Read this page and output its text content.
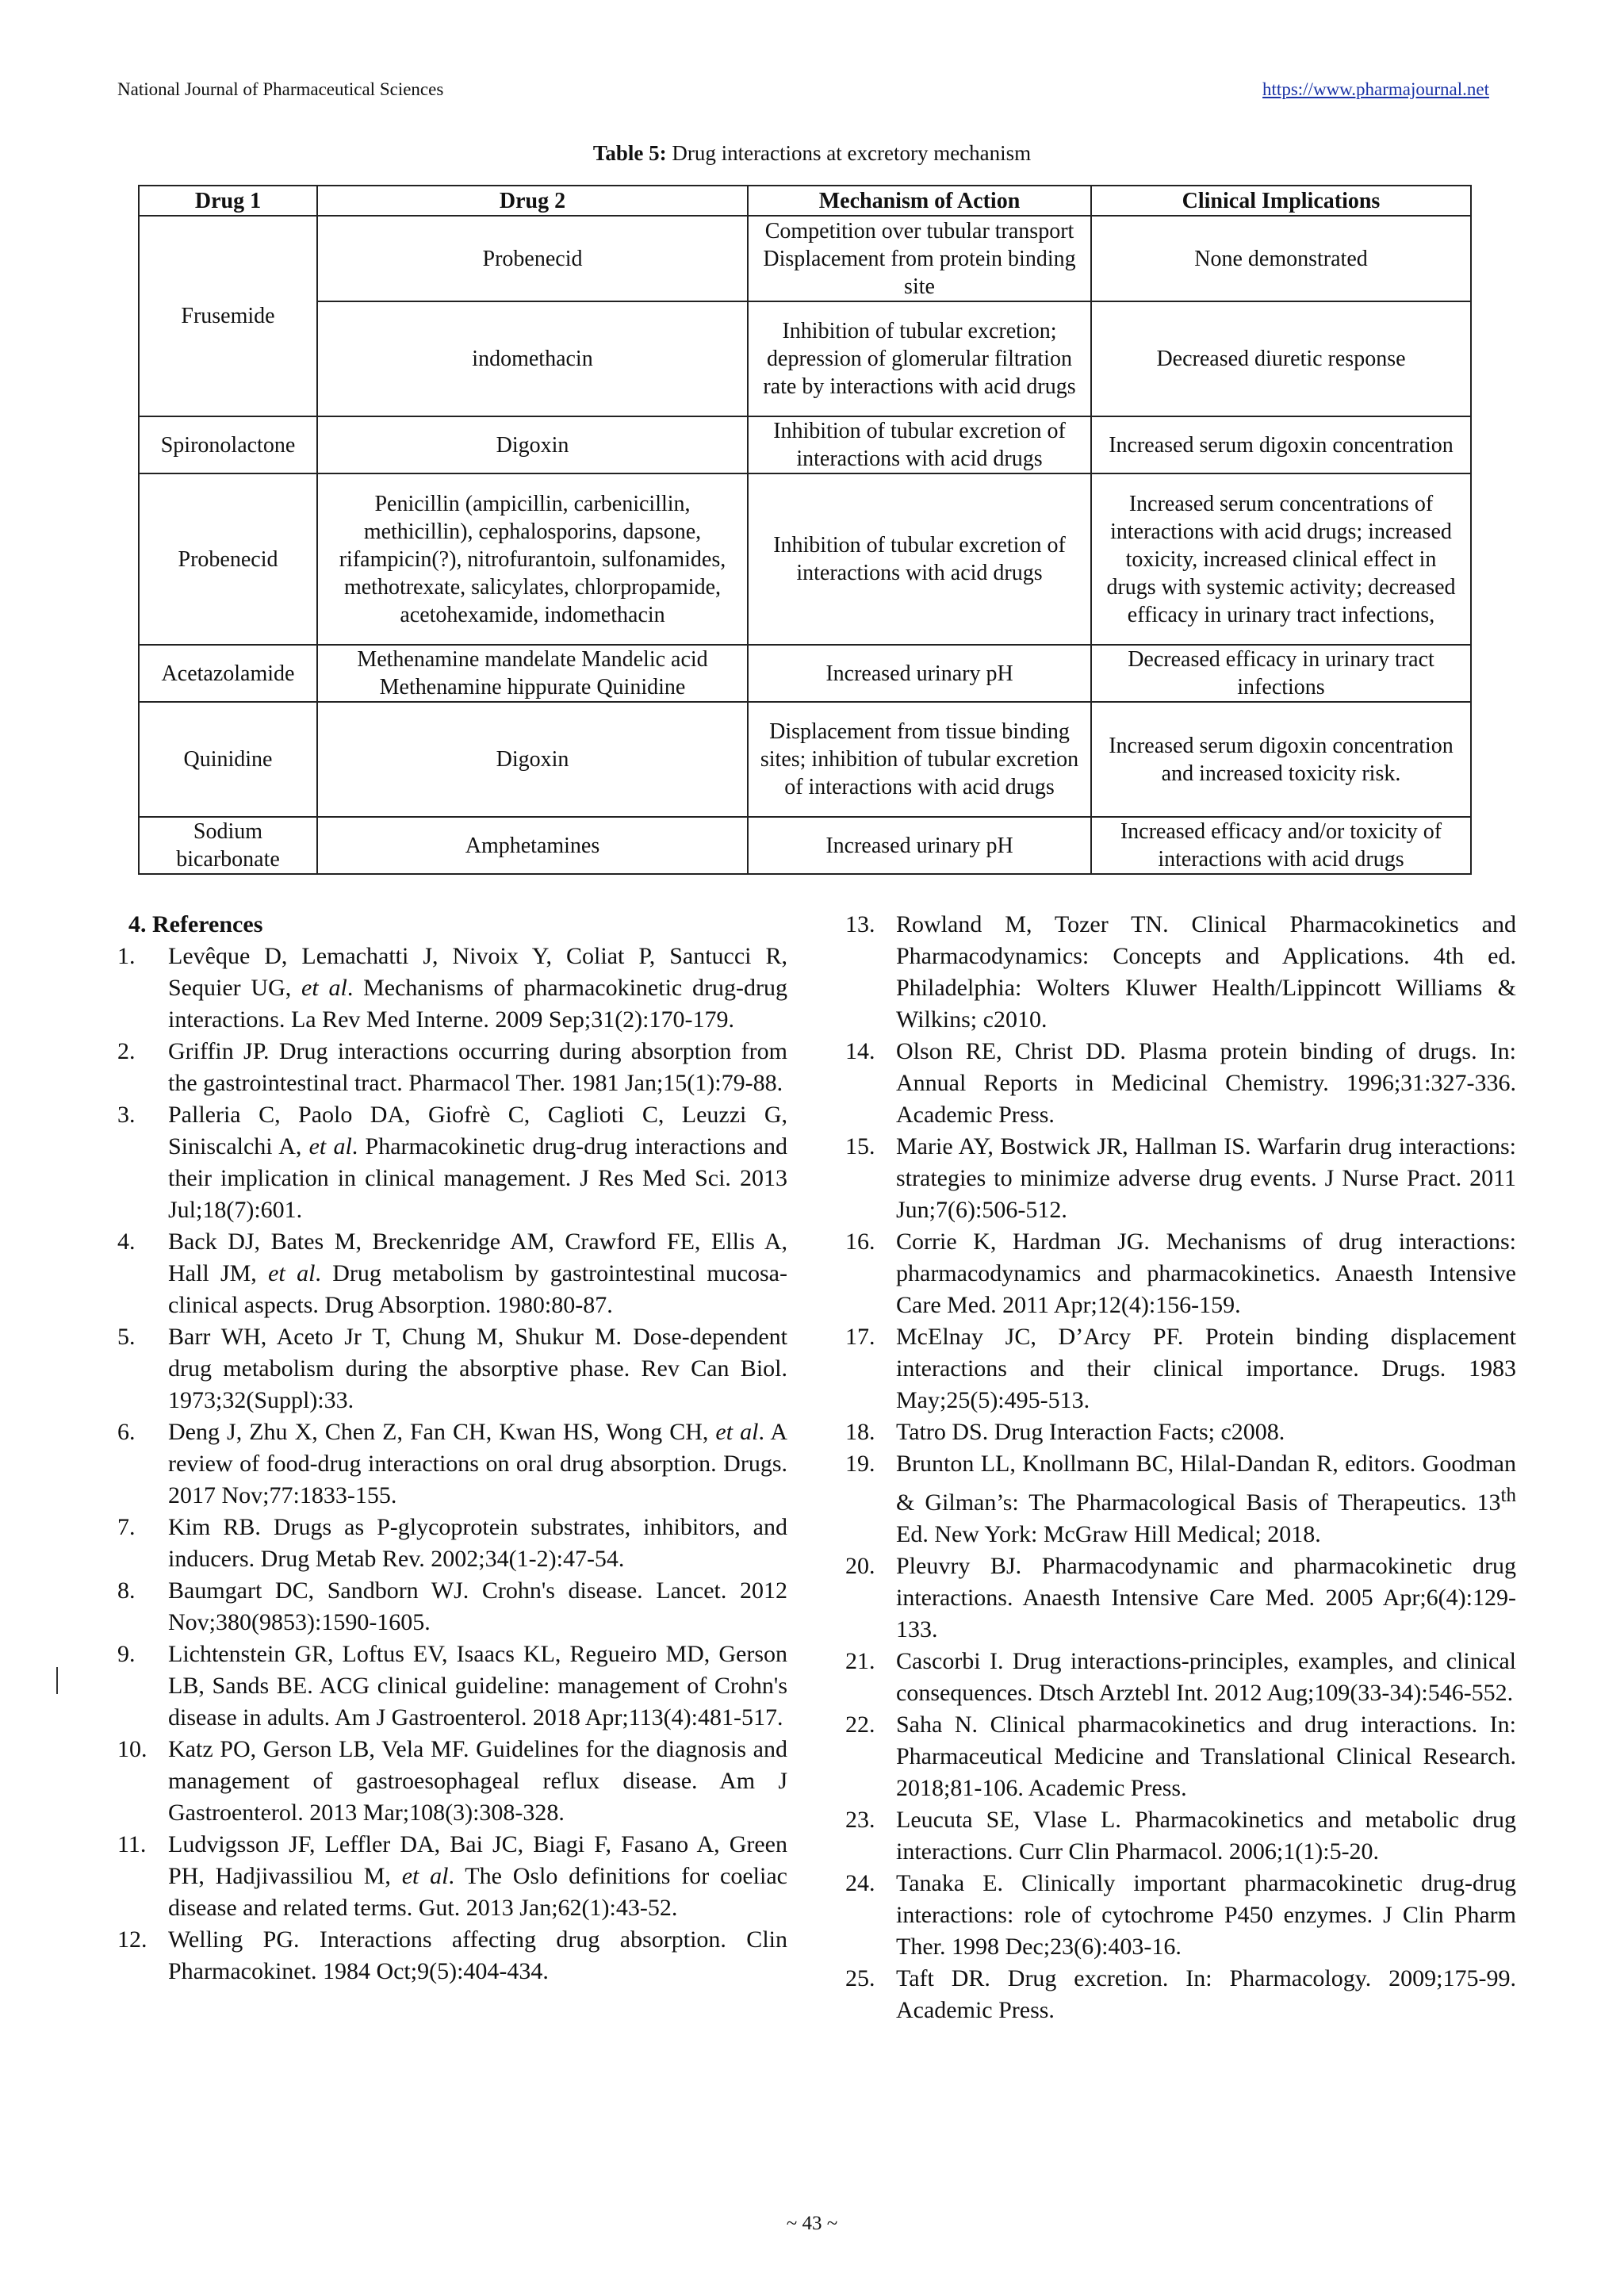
National Journal of Pharmaceutical Sciences	https://www.pharmajournal.net
Table 5: Drug interactions at excretory mechanism
Drug 1	Drug 2	Mechanism of Action	Clinical Implications
Frusemide	Probenecid	Competition over tubular transport Displacement from protein binding site	None demonstrated
	indomethacin	Inhibition of tubular excretion; depression of glomerular filtration rate by interactions with acid drugs	Decreased diuretic response
Spironolactone	Digoxin	Inhibition of tubular excretion of interactions with acid drugs	Increased serum digoxin concentration
Probenecid	Penicillin (ampicillin, carbenicillin, methicillin), cephalosporins, dapsone, rifampicin(?), nitrofurantoin, sulfonamides, methotrexate, salicylates, chlorpropamide, acetohexamide, indomethacin	Inhibition of tubular excretion of interactions with acid drugs	Increased serum concentrations of interactions with acid drugs; increased toxicity, increased clinical effect in drugs with systemic activity; decreased efficacy in urinary tract infections,
Acetazolamide	Methenamine mandelate Mandelic acid Methenamine hippurate Quinidine	Increased urinary pH	Decreased efficacy in urinary tract infections
Quinidine	Digoxin	Displacement from tissue binding sites; inhibition of tubular excretion of interactions with acid drugs	Increased serum digoxin concentration and increased toxicity risk.
Sodium bicarbonate	Amphetamines	Increased urinary pH	Increased efficacy and/or toxicity of interactions with acid drugs
4. References
1. Levêque D, Lemachatti J, Nivoix Y, Coliat P, Santucci R, Sequier UG, et al. Mechanisms of pharmacokinetic drug-drug interactions. La Rev Med Interne. 2009 Sep;31(2):170-179.
2. Griffin JP. Drug interactions occurring during absorption from the gastrointestinal tract. Pharmacol Ther. 1981 Jan;15(1):79-88.
3. Palleria C, Paolo DA, Giofrè C, Caglioti C, Leuzzi G, Siniscalchi A, et al. Pharmacokinetic drug-drug interactions and their implication in clinical management. J Res Med Sci. 2013 Jul;18(7):601.
4. Back DJ, Bates M, Breckenridge AM, Crawford FE, Ellis A, Hall JM, et al. Drug metabolism by gastrointestinal mucosa-clinical aspects. Drug Absorption. 1980:80-87.
5. Barr WH, Aceto Jr T, Chung M, Shukur M. Dose-dependent drug metabolism during the absorptive phase. Rev Can Biol. 1973;32(Suppl):33.
6. Deng J, Zhu X, Chen Z, Fan CH, Kwan HS, Wong CH, et al. A review of food-drug interactions on oral drug absorption. Drugs. 2017 Nov;77:1833-155.
7. Kim RB. Drugs as P-glycoprotein substrates, inhibitors, and inducers. Drug Metab Rev. 2002;34(1-2):47-54.
8. Baumgart DC, Sandborn WJ. Crohn's disease. Lancet. 2012 Nov;380(9853):1590-1605.
9. Lichtenstein GR, Loftus EV, Isaacs KL, Regueiro MD, Gerson LB, Sands BE. ACG clinical guideline: management of Crohn's disease in adults. Am J Gastroenterol. 2018 Apr;113(4):481-517.
10. Katz PO, Gerson LB, Vela MF. Guidelines for the diagnosis and management of gastroesophageal reflux disease. Am J Gastroenterol. 2013 Mar;108(3):308-328.
11. Ludvigsson JF, Leffler DA, Bai JC, Biagi F, Fasano A, Green PH, Hadjivassiliou M, et al. The Oslo definitions for coeliac disease and related terms. Gut. 2013 Jan;62(1):43-52.
12. Welling PG. Interactions affecting drug absorption. Clin Pharmacokinet. 1984 Oct;9(5):404-434.
13. Rowland M, Tozer TN. Clinical Pharmacokinetics and Pharmacodynamics: Concepts and Applications. 4th ed. Philadelphia: Wolters Kluwer Health/Lippincott Williams & Wilkins; c2010.
14. Olson RE, Christ DD. Plasma protein binding of drugs. In: Annual Reports in Medicinal Chemistry. 1996;31:327-336. Academic Press.
15. Marie AY, Bostwick JR, Hallman IS. Warfarin drug interactions: strategies to minimize adverse drug events. J Nurse Pract. 2011 Jun;7(6):506-512.
16. Corrie K, Hardman JG. Mechanisms of drug interactions: pharmacodynamics and pharmacokinetics. Anaesth Intensive Care Med. 2011 Apr;12(4):156-159.
17. McElnay JC, D’Arcy PF. Protein binding displacement interactions and their clinical importance. Drugs. 1983 May;25(5):495-513.
18. Tatro DS. Drug Interaction Facts; c2008.
19. Brunton LL, Knollmann BC, Hilal-Dandan R, editors. Goodman & Gilman’s: The Pharmacological Basis of Therapeutics. 13th Ed. New York: McGraw Hill Medical; 2018.
20. Pleuvry BJ. Pharmacodynamic and pharmacokinetic drug interactions. Anaesth Intensive Care Med. 2005 Apr;6(4):129-133.
21. Cascorbi I. Drug interactions-principles, examples, and clinical consequences. Dtsch Arztebl Int. 2012 Aug;109(33-34):546-552.
22. Saha N. Clinical pharmacokinetics and drug interactions. In: Pharmaceutical Medicine and Translational Clinical Research. 2018;81-106. Academic Press.
23. Leucuta SE, Vlase L. Pharmacokinetics and metabolic drug interactions. Curr Clin Pharmacol. 2006;1(1):5-20.
24. Tanaka E. Clinically important pharmacokinetic drug-drug interactions: role of cytochrome P450 enzymes. J Clin Pharm Ther. 1998 Dec;23(6):403-16.
25. Taft DR. Drug excretion. In: Pharmacology. 2009;175-99. Academic Press.
~ 43 ~
